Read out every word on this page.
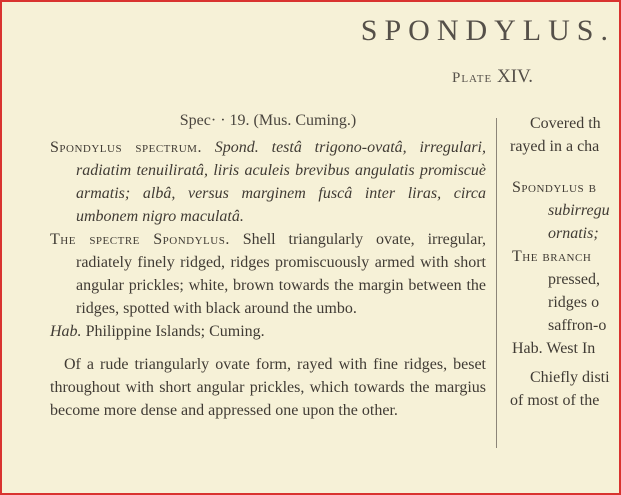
SPONDYLUS.
Plate XIV.
Spec· · 19. (Mus. Cuming.)

Spondylus spectrum. Spond. testâ trigono-ovatâ, irregulari, radiatim tenuiliratâ, liris aculeis brevibus angulatis promiscuè armatis; albâ, versus marginem fuscâ inter liras, circa umbonem nigro maculatâ.

The spectre Spondylus. Shell triangularly ovate, irregular, radiately finely ridged, ridges promiscuously armed with short angular prickles; white, brown towards the margin between the ridges, spotted with black around the umbo.

Hab. Philippine Islands; Cuming.

Of a rude triangularly ovate form, rayed with fine ridges, beset throughout with short angular prickles, which towards the margius become more dense and appressed one upon the other.

Covered th
rayed in a cha
Spondylus b
subirregu
ornatis;
The branch
pressed,
ridges o
saffron-o
Hab. West In
Chiefly disti
of most of the
